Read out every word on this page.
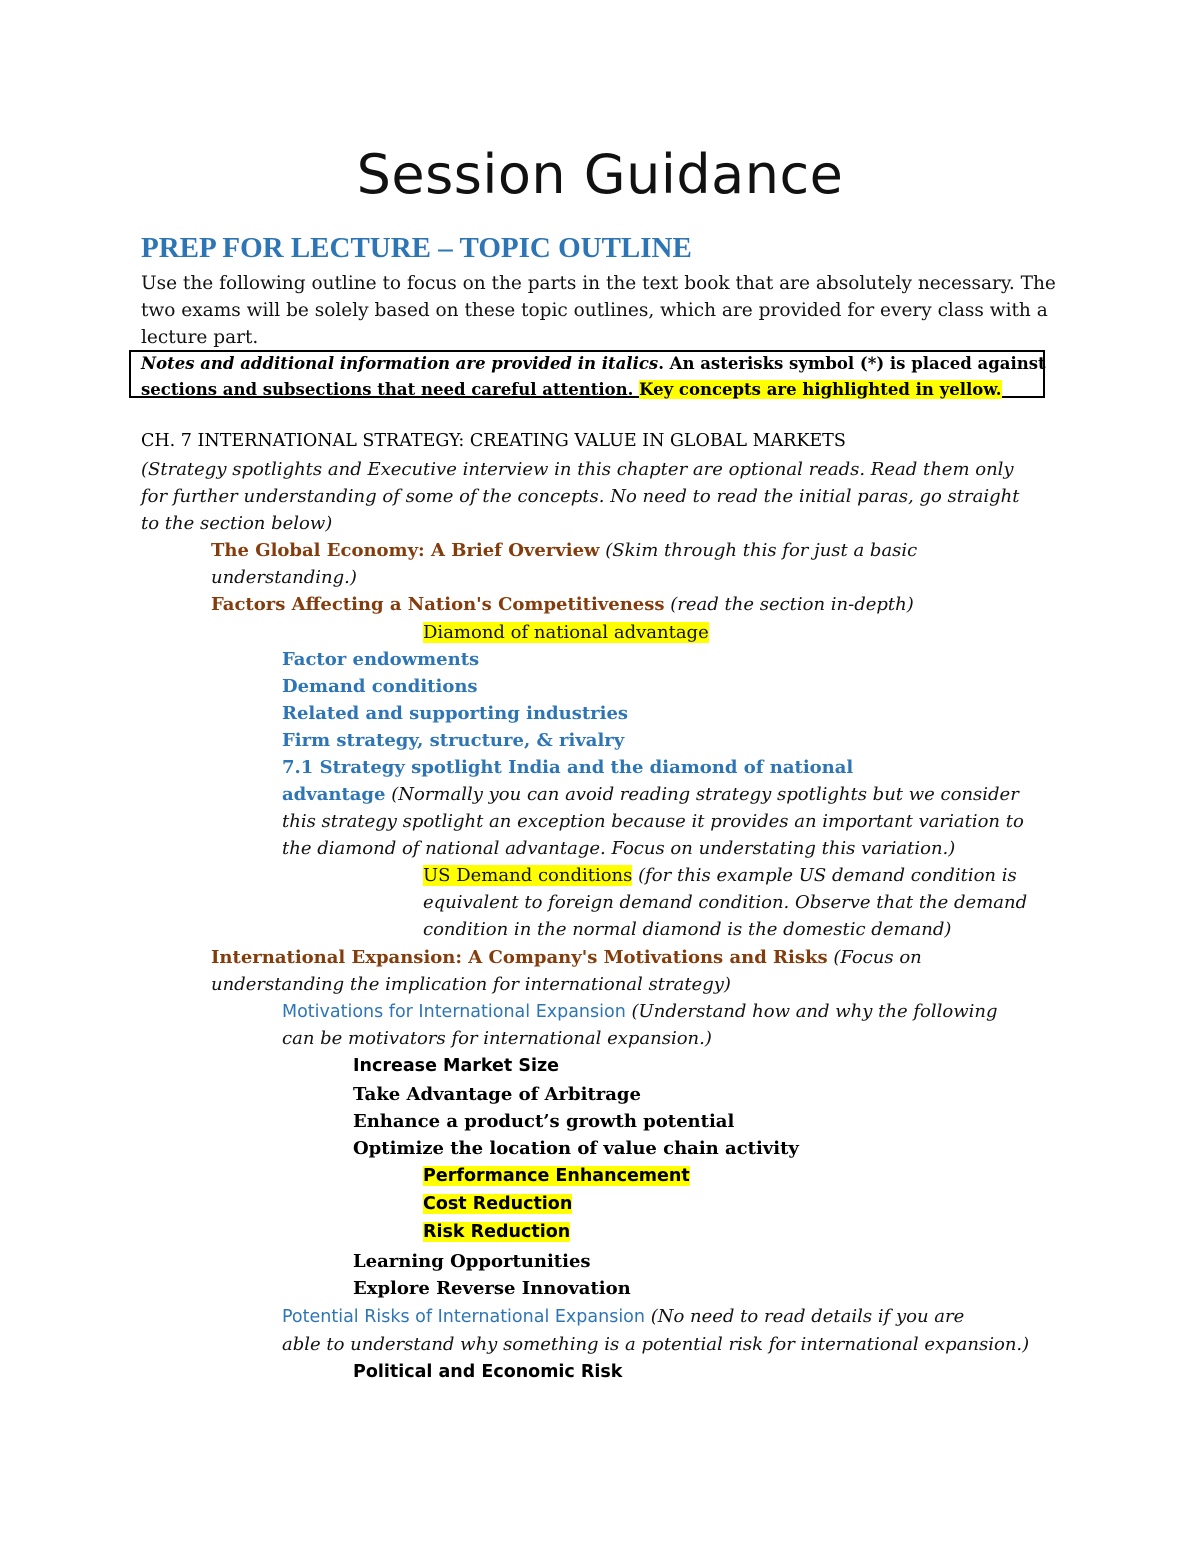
Session Guidance
PREP FOR LECTURE – TOPIC OUTLINE
Use the following outline to focus on the parts in the text book that are absolutely necessary. The two exams will be solely based on these topic outlines, which are provided for every class with a lecture part.
Notes and additional information are provided in italics. An asterisks symbol (*) is placed against
sections and subsections that need careful attention. Key concepts are highlighted in yellow.
CH. 7 INTERNATIONAL STRATEGY: CREATING VALUE IN GLOBAL MARKETS
(Strategy spotlights and Executive interview in this chapter are optional reads. Read them only
for further understanding of some of the concepts. No need to read the initial paras, go straight
to the section below)
The Global Economy: A Brief Overview (Skim through this for just a basic
understanding.)
Factors Affecting a Nation's Competitiveness (read the section in-depth)
Diamond of national advantage
Factor endowments
Demand conditions
Related and supporting industries
Firm strategy, structure, & rivalry
7.1 Strategy spotlight India and the diamond of national
advantage (Normally you can avoid reading strategy spotlights but we consider
this strategy spotlight an exception because it provides an important variation to
the diamond of national advantage. Focus on understating this variation.)
US Demand conditions (for this example US demand condition is
equivalent to foreign demand condition. Observe that the demand
condition in the normal diamond is the domestic demand)
International Expansion: A Company's Motivations and Risks (Focus on
understanding the implication for international strategy)
Motivations for International Expansion (Understand how and why the following
can be motivators for international expansion.)
Increase Market Size
Take Advantage of Arbitrage
Enhance a product’s growth potential
Optimize the location of value chain activity
Performance Enhancement
Cost Reduction
Risk Reduction
Learning Opportunities
Explore Reverse Innovation
Potential Risks of International Expansion (No need to read details if you are
able to understand why something is a potential risk for international expansion.)
Political and Economic Risk
